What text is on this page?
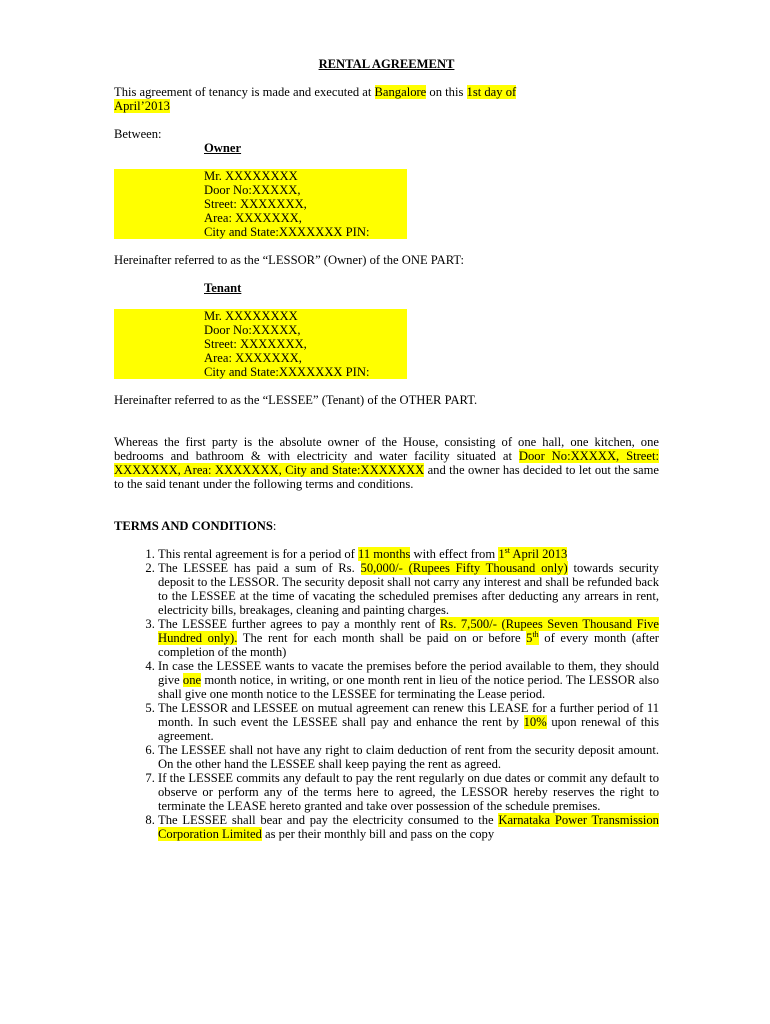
RENTAL AGREEMENT

This agreement of tenancy is made and executed at Bangalore on this 1st day of
April’2013

Between:

Owner

Mr. XXXXXXXX

Door No:XXXXX,

Street: XXXXXXX,

Area: XXXXXXX,

City and State:XXXXXXX PIN:

Hereinafter referred to as the “LESSOR” (Owner) of the ONE PART:

Tenant

Mr. XXXXXXXX

Door No:XXXXX,

Street: XXXXXXX,

Area: XXXXXXX,

City and State:XXXXXXX PIN:

Hereinafter referred to as the “LESSEE” (Tenant) of the OTHER PART.

Whereas the first party is the absolute owner of the House, consisting of one hall, one kitchen, one bedrooms and bathroom & with electricity and water facility situated at Door No:XXXXX, Street: XXXXXXX, Area: XXXXXXX, City and State:XXXXXXX and the owner has decided to let out the same to the said tenant under the following terms and conditions.

TERMS AND CONDITIONS:

1. This rental agreement is for a period of 11 months with effect from 1st April 2013
2. The LESSEE has paid a sum of Rs. 50,000/- (Rupees Fifty Thousand only) towards security deposit to the LESSOR. The security deposit shall not carry any interest and shall be refunded back to the LESSEE at the time of vacating the scheduled premises after deducting any arrears in rent, electricity bills, breakages, cleaning and painting charges.
3. The LESSEE further agrees to pay a monthly rent of Rs. 7,500/- (Rupees Seven Thousand Five Hundred only). The rent for each month shall be paid on or before 5th of every month (after completion of the month)
4. In case the LESSEE wants to vacate the premises before the period available to them, they should give one month notice, in writing, or one month rent in lieu of the notice period. The LESSOR also shall give one month notice to the LESSEE for terminating the Lease period.
5. The LESSOR and LESSEE on mutual agreement can renew this LEASE for a further period of 11 month. In such event the LESSEE shall pay and enhance the rent by 10% upon renewal of this agreement.
6. The LESSEE shall not have any right to claim deduction of rent from the security deposit amount. On the other hand the LESSEE shall keep paying the rent as agreed.
7. If the LESSEE commits any default to pay the rent regularly on due dates or commit any default to observe or perform any of the terms here to agreed, the LESSOR hereby reserves the right to terminate the LEASE hereto granted and take over possession of the schedule premises.
8. The LESSEE shall bear and pay the electricity consumed to the Karnataka Power Transmission Corporation Limited as per their monthly bill and pass on the copy
